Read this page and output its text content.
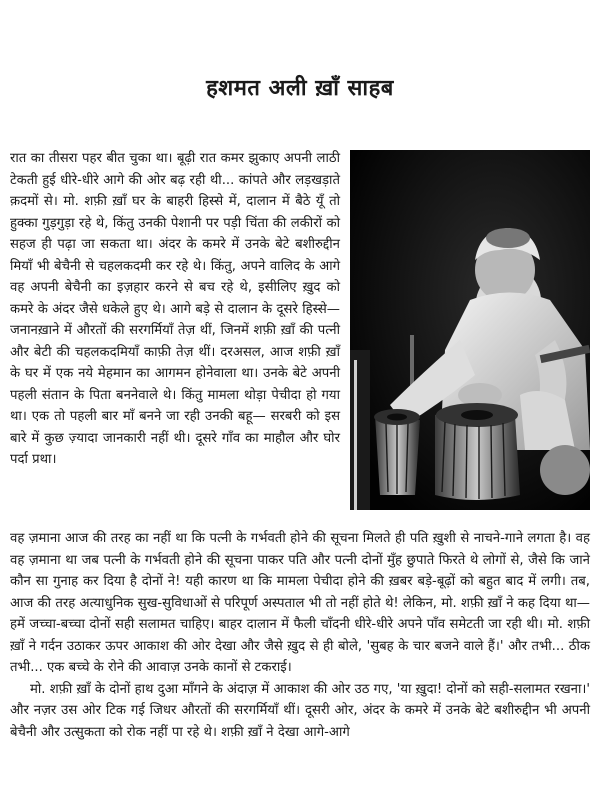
हशमत अली ख़ाँ साहब

रात का तीसरा पहर बीत चुका था। बूढ़ी रात कमर झुकाए अपनी लाठी टेकती हुई धीरे-धीरे आगे की ओर बढ़ रही थी... कांपते और लड़खड़ाते क़दमों से। मो. शफ़ी ख़ाँ घर के बाहरी हिस्से में, दालान में बैठे यूँ तो हुक्का गुड़गुड़ा रहे थे, किंतु उनकी पेशानी पर पड़ी चिंता की लकीरों को सहज ही पढ़ा जा सकता था। अंदर के कमरे में उनके बेटे बशीरुद्दीन मियाँ भी बेचैनी से चहलकदमी कर रहे थे। किंतु, अपने वालिद के आगे वह अपनी बेचैनी का इज़हार करने से बच रहे थे, इसीलिए ख़ुद को कमरे के अंदर जैसे धकेले हुए थे। आगे बड़े से दालान के दूसरे हिस्से— जनानख़ाने में औरतों की सरगर्मियाँ तेज़ थीं, जिनमें शफ़ी ख़ाँ की पत्नी और बेटी की चहलकदमियाँ काफ़ी तेज़ थीं। दरअसल, आज शफ़ी ख़ाँ के घर में एक नये मेहमान का आगमन होनेवाला था। उनके बेटे अपनी पहली संतान के पिता बननेवाले थे। किंतु मामला थोड़ा पेचीदा हो गया था। एक तो पहली बार माँ बनने जा रही उनकी बहू— सरबरी को इस बारे में कुछ ज़्यादा जानकारी नहीं थी। दूसरे गाँव का माहौल और घोर पर्दा प्रथा।

वह ज़माना आज की तरह का नहीं था कि पत्नी के गर्भवती होने की सूचना मिलते ही पति ख़ुशी से नाचने-गाने लगता है। वह वह ज़माना था जब पत्नी के गर्भवती होने की सूचना पाकर पति और पत्नी दोनों मुँह छुपाते फिरते थे लोगों से, जैसे कि जाने कौन सा गुनाह कर दिया है दोनों ने! यही कारण था कि मामला पेचीदा होने की ख़बर बड़े-बूढ़ों को बहुत बाद में लगी। तब, आज की तरह अत्याधुनिक सुख-सुविधाओं से परिपूर्ण अस्पताल भी तो नहीं होते थे! लेकिन, मो. शफ़ी ख़ाँ ने कह दिया था— हमें जच्चा-बच्चा दोनों सही सलामत चाहिए। बाहर दालान में फैली चाँदनी धीरे-धीरे अपने पाँव समेटती जा रही थी। मो. शफ़ी ख़ाँ ने गर्दन उठाकर ऊपर आकाश की ओर देखा और जैसे ख़ुद से ही बोले, 'सुबह के चार बजने वाले हैं।' और तभी... ठीक तभी... एक बच्चे के रोने की आवाज़ उनके कानों से टकराई।

मो. शफ़ी ख़ाँ के दोनों हाथ दुआ माँगने के अंदाज़ में आकाश की ओर उठ गए, 'या ख़ुदा! दोनों को सही-सलामत रखना।' और नज़र उस ओर टिक गई जिधर औरतों की सरगर्मियाँ थीं। दूसरी ओर, अंदर के कमरे में उनके बेटे बशीरुद्दीन भी अपनी बेचैनी और उत्सुकता को रोक नहीं पा रहे थे। शफ़ी ख़ाँ ने देखा आगे-आगे
